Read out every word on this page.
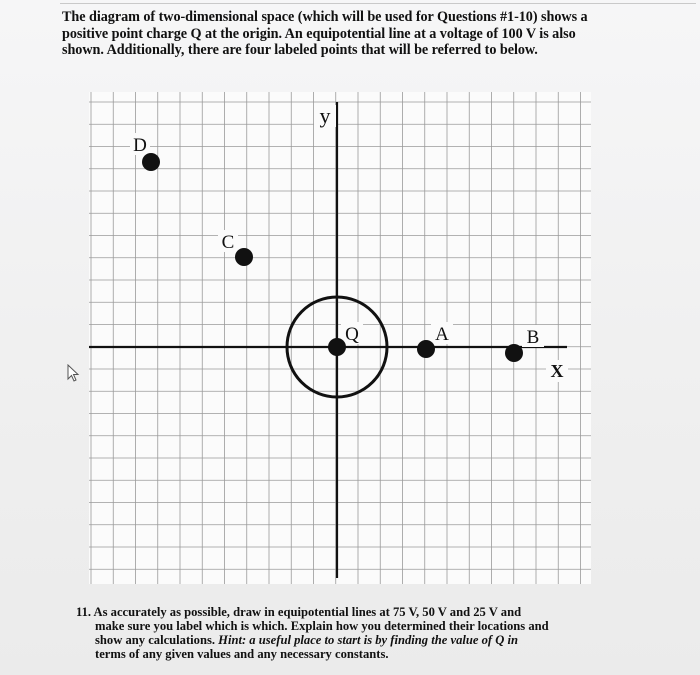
The diagram of two-dimensional space (which will be used for Questions #1-10) shows a
positive point charge Q at the origin. An equipotential line at a voltage of 100 V is also
shown. Additionally, there are four labeled points that will be referred to below.
y
X
Q	A	B
C
D
11. As accurately as possible, draw in equipotential lines at 75 V, 50 V and 25 V and
make sure you label which is which. Explain how you determined their locations and
show any calculations. Hint: a useful place to start is by finding the value of Q in
terms of any given values and any necessary constants.
